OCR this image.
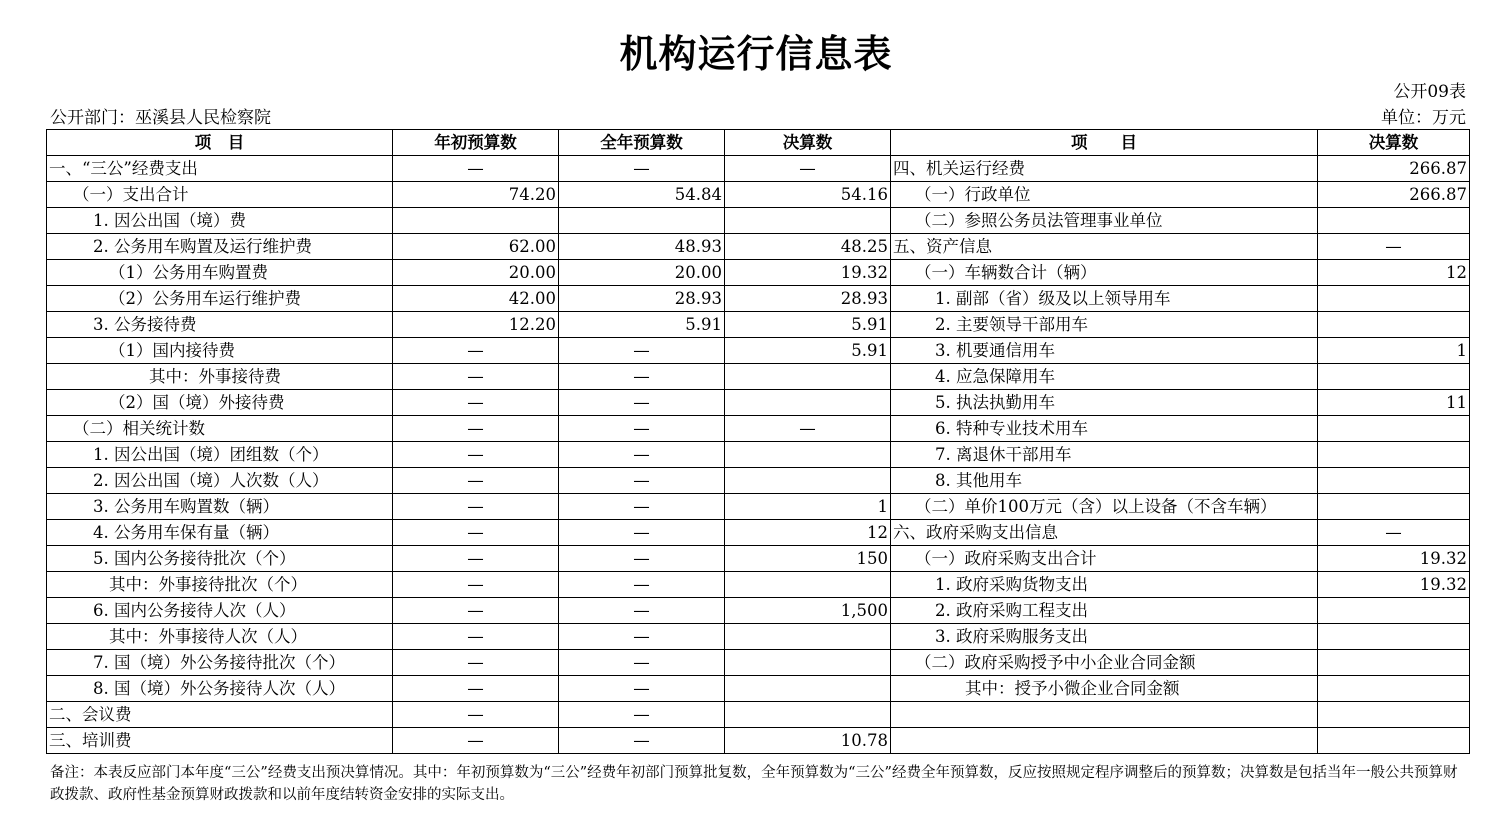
机构运行信息表
公开09表
公开部门：巫溪县人民检察院	单位：万元
项　目	年初预算数	全年预算数	决算数	项　　目	决算数
一、“三公”经费支出	—	—	—	四、机关运行经费	266.87
（一）支出合计	74.20	54.84	54.16	（一）行政单位	266.87
1. 因公出国（境）费				（二）参照公务员法管理事业单位	
2. 公务用车购置及运行维护费	62.00	48.93	48.25	五、资产信息	—
（1）公务用车购置费	20.00	20.00	19.32	（一）车辆数合计（辆）	12
（2）公务用车运行维护费	42.00	28.93	28.93	1. 副部（省）级及以上领导用车	
3. 公务接待费	12.20	5.91	5.91	2. 主要领导干部用车	
（1）国内接待费	—	—	5.91	3. 机要通信用车	1
其中：外事接待费	—	—		4. 应急保障用车	
（2）国（境）外接待费	—	—		5. 执法执勤用车	11
（二）相关统计数	—	—	—	6. 特种专业技术用车	
1. 因公出国（境）团组数（个）	—	—		7. 离退休干部用车	
2. 因公出国（境）人次数（人）	—	—		8. 其他用车	
3. 公务用车购置数（辆）	—	—	1	（二）单价100万元（含）以上设备（不含车辆）	
4. 公务用车保有量（辆）	—	—	12	六、政府采购支出信息	—
5. 国内公务接待批次（个）	—	—	150	（一）政府采购支出合计	19.32
其中：外事接待批次（个）	—	—		1. 政府采购货物支出	19.32
6. 国内公务接待人次（人）	—	—	1,500	2. 政府采购工程支出	
其中：外事接待人次（人）	—	—		3. 政府采购服务支出	
7. 国（境）外公务接待批次（个）	—	—		（二）政府采购授予中小企业合同金额	
8. 国（境）外公务接待人次（人）	—	—		其中：授予小微企业合同金额	
二、会议费	—	—			
三、培训费	—	—	10.78		
备注：本表反应部门本年度“三公”经费支出预决算情况。其中：年初预算数为“三公”经费年初部门预算批复数，全年预算数为“三公”经费全年预算数，反应按照规定程序调整后的预算数；决算数是包括当年一般公共预算财政拨款、政府性基金预算财政拨款和以前年度结转资金安排的实际支出。
